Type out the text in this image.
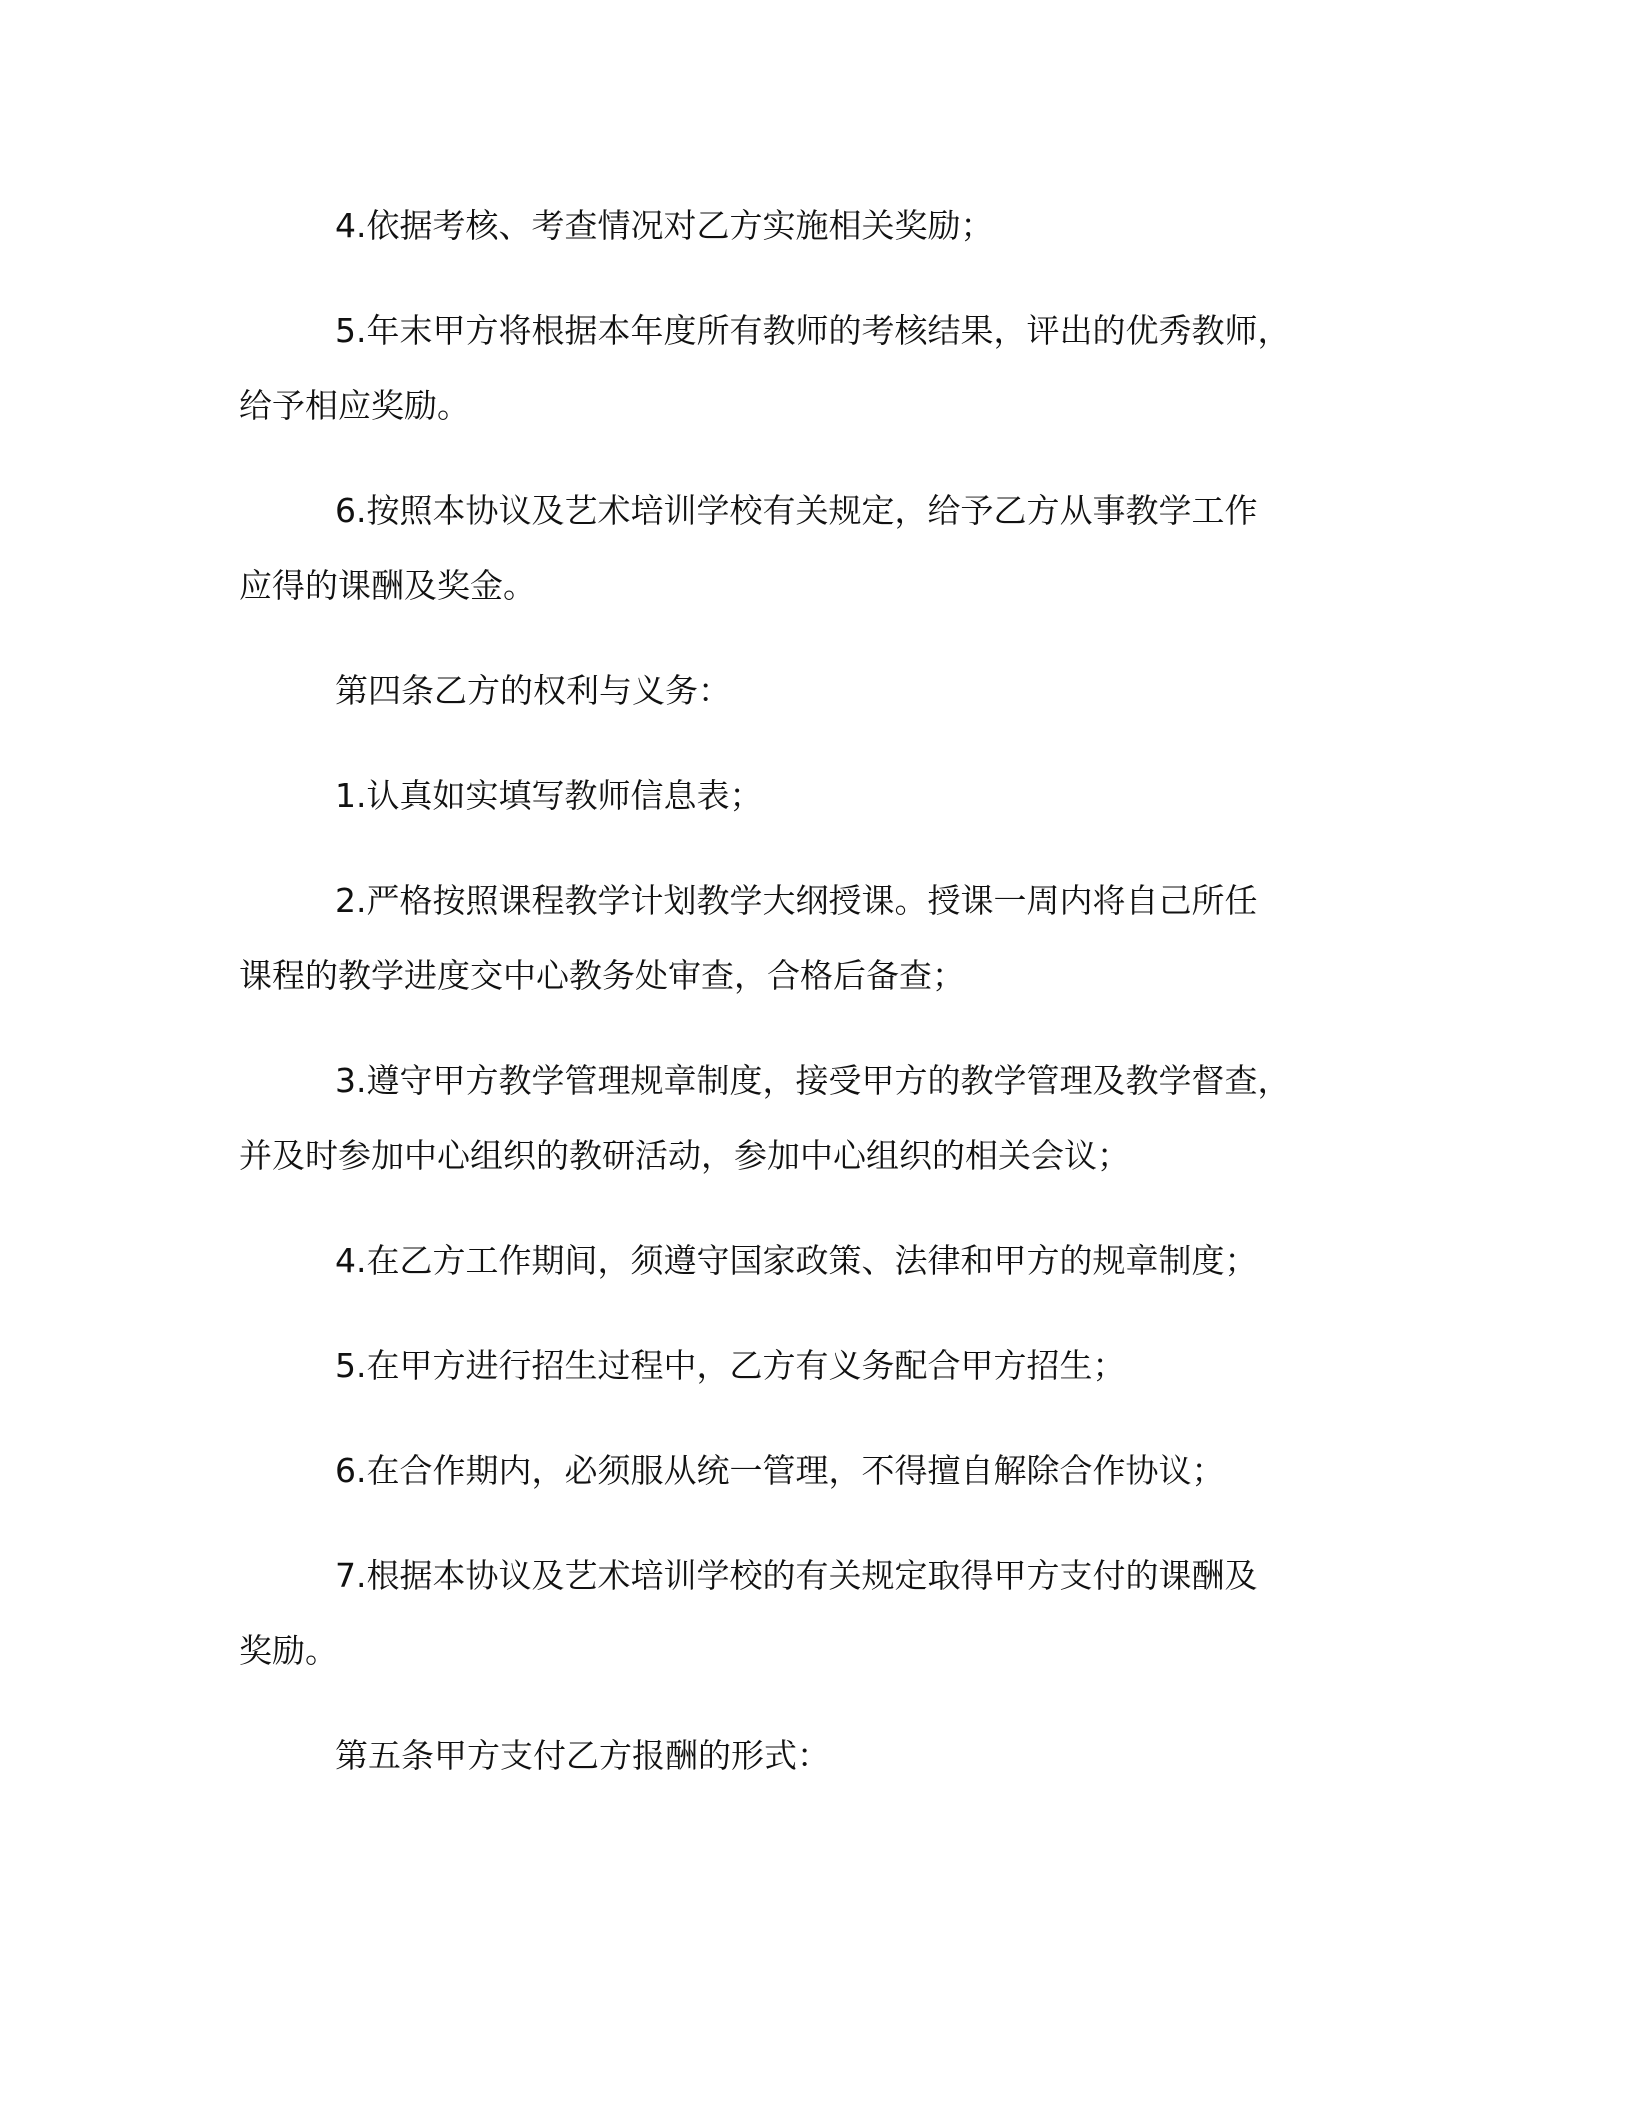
4.依据考核、考查情况对乙方实施相关奖励；

5.年末甲方将根据本年度所有教师的考核结果，评出的优秀教师，
给予相应奖励。

6.按照本协议及艺术培训学校有关规定，给予乙方从事教学工作
应得的课酬及奖金。

第四条乙方的权利与义务：

1.认真如实填写教师信息表；

2.严格按照课程教学计划教学大纲授课。授课一周内将自己所任
课程的教学进度交中心教务处审查，合格后备查；

3.遵守甲方教学管理规章制度，接受甲方的教学管理及教学督查，
并及时参加中心组织的教研活动，参加中心组织的相关会议；

4.在乙方工作期间，须遵守国家政策、法律和甲方的规章制度；

5.在甲方进行招生过程中，乙方有义务配合甲方招生；

6.在合作期内，必须服从统一管理，不得擅自解除合作协议；

7.根据本协议及艺术培训学校的有关规定取得甲方支付的课酬及
奖励。

第五条甲方支付乙方报酬的形式：
